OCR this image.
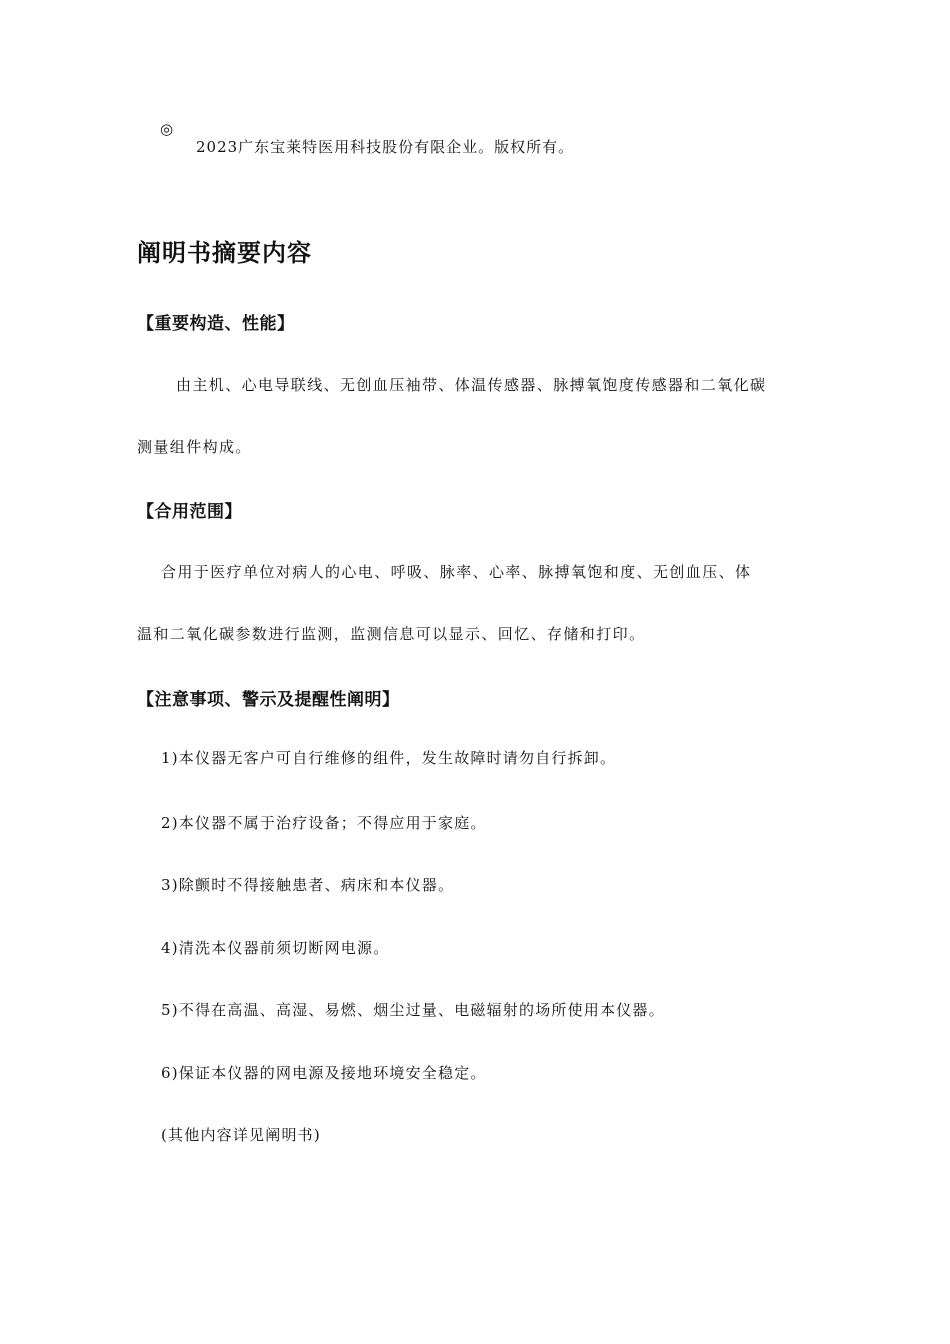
◎
2023广东宝莱特医用科技股份有限企业。版权所有。
阐明书摘要内容
【重要构造、性能】
由主机、心电导联线、无创血压袖带、体温传感器、脉搏氧饱度传感器和二氧化碳
测量组件构成。
【合用范围】
合用于医疗单位对病人的心电、呼吸、脉率、心率、脉搏氧饱和度、无创血压、体
温和二氧化碳参数进行监测，监测信息可以显示、回忆、存储和打印。
【注意事项、警示及提醒性阐明】
1)本仪器无客户可自行维修的组件，发生故障时请勿自行拆卸。
2)本仪器不属于治疗设备；不得应用于家庭。
3)除颤时不得接触患者、病床和本仪器。
4)清洗本仪器前须切断网电源。
5)不得在高温、高湿、易燃、烟尘过量、电磁辐射的场所使用本仪器。
6)保证本仪器的网电源及接地环境安全稳定。
(其他内容详见阐明书)
